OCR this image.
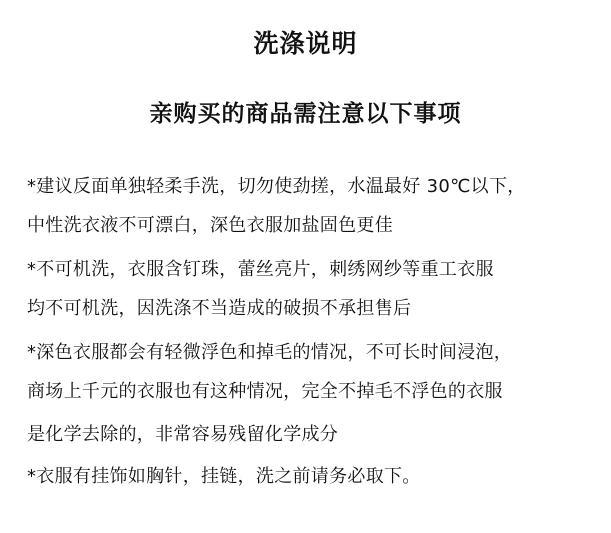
洗涤说明
亲购买的商品需注意以下事项
*建议反面单独轻柔手洗，切勿使劲搓，水温最好 30℃以下，
中性洗衣液不可漂白，深色衣服加盐固色更佳
*不可机洗，衣服含钉珠，蕾丝亮片，刺绣网纱等重工衣服
均不可机洗，因洗涤不当造成的破损不承担售后
*深色衣服都会有轻微浮色和掉毛的情况，不可长时间浸泡，
商场上千元的衣服也有这种情况，完全不掉毛不浮色的衣服
是化学去除的，非常容易残留化学成分
*衣服有挂饰如胸针，挂链，洗之前请务必取下。
